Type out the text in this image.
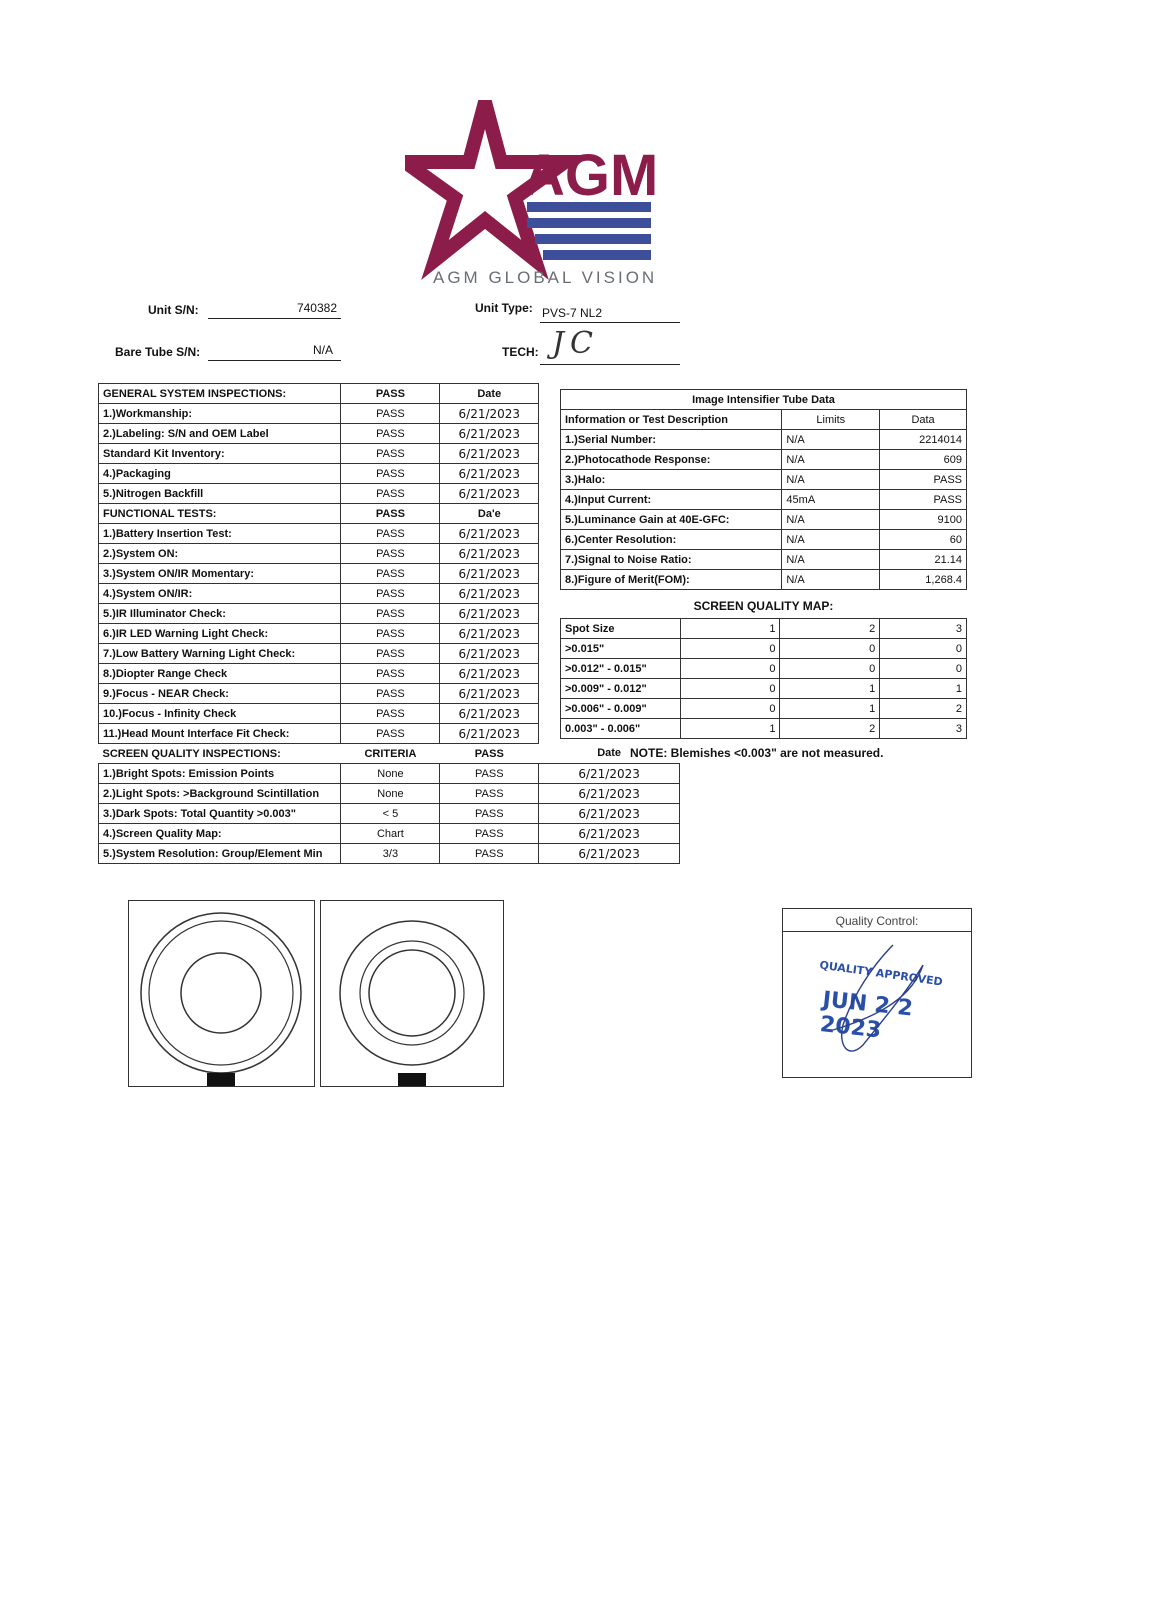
AGM
AGM GLOBAL VISION
Unit S/N:	740382
Bare Tube S/N:	N/A
Unit Type: PVS-7 NL2
TECH: JC
GENERAL SYSTEM INSPECTIONS:	PASS	Date	
1.)Workmanship:	PASS	6/21/2023	
2.)Labeling: S/N and OEM Label	PASS	6/21/2023	
Standard Kit Inventory:	PASS	6/21/2023	
4.)Packaging	PASS	6/21/2023	
5.)Nitrogen Backfill	PASS	6/21/2023	
FUNCTIONAL TESTS:	PASS	Da'e	
1.)Battery Insertion Test:	PASS	6/21/2023	
2.)System ON:	PASS	6/21/2023	
3.)System ON/IR Momentary:	PASS	6/21/2023	
4.)System ON/IR:	PASS	6/21/2023	
5.)IR Illuminator Check:	PASS	6/21/2023	
6.)IR LED Warning Light Check:	PASS	6/21/2023	
7.)Low Battery Warning Light Check:	PASS	6/21/2023	
8.)Diopter Range Check	PASS	6/21/2023	
9.)Focus - NEAR Check:	PASS	6/21/2023	
10.)Focus - Infinity Check	PASS	6/21/2023	
11.)Head Mount Interface Fit Check:	PASS	6/21/2023	
SCREEN QUALITY INSPECTIONS:	CRITERIA	PASS	Date
1.)Bright Spots: Emission Points	None	PASS	6/21/2023
2.)Light Spots: >Background Scintillation	None	PASS	6/21/2023
3.)Dark Spots: Total Quantity >0.003"	< 5	PASS	6/21/2023
4.)Screen Quality Map:	Chart	PASS	6/21/2023
5.)System Resolution: Group/Element Min	3/3	PASS	6/21/2023
Image Intensifier Tube Data		
Information or Test Description	Limits	Data
1.)Serial Number:	N/A	2214014
2.)Photocathode Response:	N/A	609
3.)Halo:	N/A	PASS
4.)Input Current:	45mA	PASS
5.)Luminance Gain at 40E-GFC:	N/A	9100
6.)Center Resolution:	N/A	60
7.)Signal to Noise Ratio:	N/A	21.14
8.)Figure of Merit(FOM):	N/A	1,268.4
SCREEN QUALITY MAP:
Spot Size	1	2	3
>0.015"	0	0	0
>0.012" - 0.015"	0	0	0
>0.009" - 0.012"	0	1	1
>0.006" - 0.009"	0	1	2
0.003" - 0.006"	1	2	3
NOTE: Blemishes <0.003" are not measured.
Quality Control:
QUALITY APPROVED
JUN 2 2 2023
